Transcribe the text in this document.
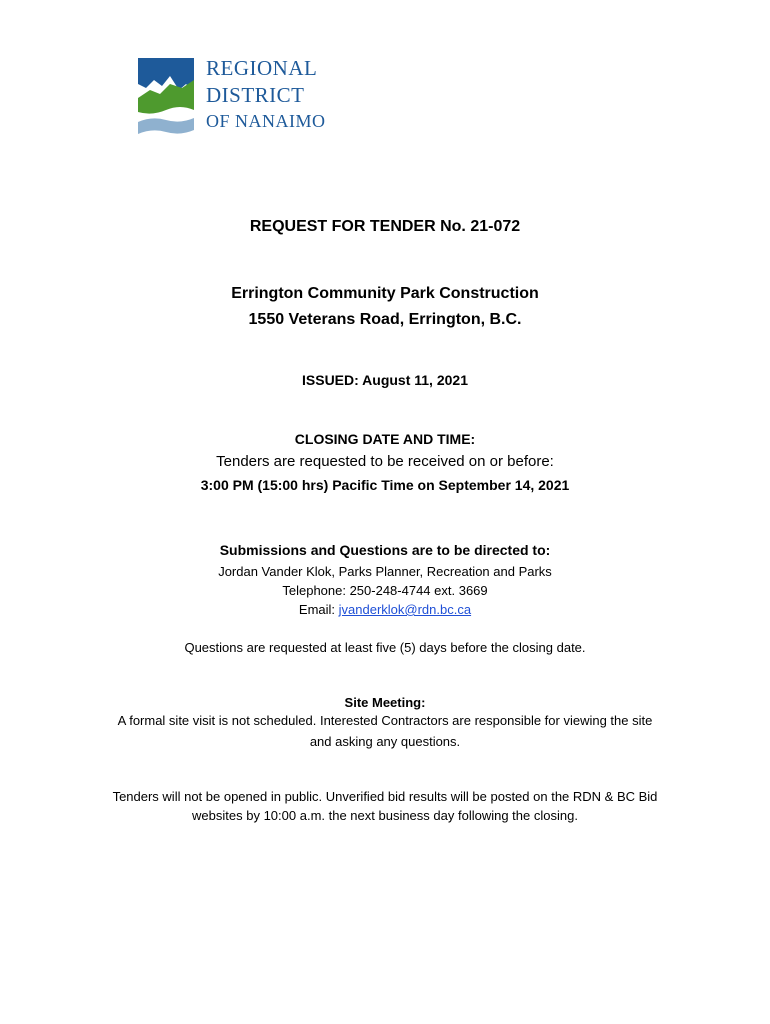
REGIONAL
DISTRICT
OF NANAIMO
REQUEST FOR TENDER No. 21-072
Errington Community Park Construction
1550 Veterans Road, Errington, B.C.
ISSUED: August 11, 2021
CLOSING DATE AND TIME:
Tenders are requested to be received on or before:
3:00 PM (15:00 hrs) Pacific Time on September 14, 2021
Submissions and Questions are to be directed to:
Jordan Vander Klok, Parks Planner, Recreation and Parks
Telephone: 250-248-4744 ext. 3669
Email: jvanderklok@rdn.bc.ca
Questions are requested at least five (5) days before the closing date.
Site Meeting:
A formal site visit is not scheduled. Interested Contractors are responsible for viewing the site
and asking any questions.
Tenders will not be opened in public. Unverified bid results will be posted on the RDN & BC Bid
websites by 10:00 a.m. the next business day following the closing.
